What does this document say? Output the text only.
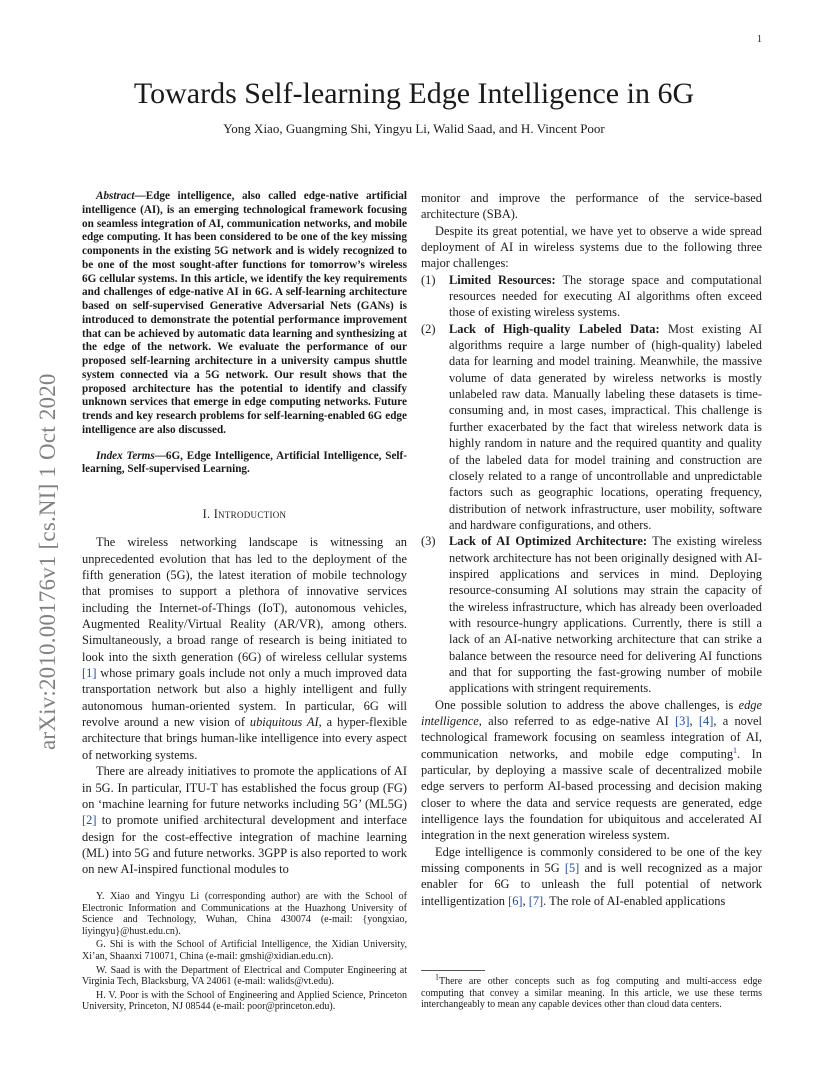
1
arXiv:2010.00176v1 [cs.NI] 1 Oct 2020
Towards Self-learning Edge Intelligence in 6G
Yong Xiao, Guangming Shi, Yingyu Li, Walid Saad, and H. Vincent Poor

Abstract—Edge intelligence, also called edge-native artificial intelligence (AI), is an emerging technological framework focusing on seamless integration of AI, communication networks, and mobile edge computing. It has been considered to be one of the key missing components in the existing 5G network and is widely recognized to be one of the most sought-after functions for tomorrow’s wireless 6G cellular systems. In this article, we identify the key requirements and challenges of edge-native AI in 6G. A self-learning architecture based on self-supervised Generative Adversarial Nets (GANs) is introduced to demonstrate the potential performance improvement that can be achieved by automatic data learning and synthesizing at the edge of the network. We evaluate the performance of our proposed self-learning architecture in a university campus shuttle system connected via a 5G network. Our result shows that the proposed architecture has the potential to identify and classify unknown services that emerge in edge computing networks. Future trends and key research problems for self-learning-enabled 6G edge intelligence are also discussed.

Index Terms—6G, Edge Intelligence, Artificial Intelligence, Self-learning, Self-supervised Learning.

I. Introduction

The wireless networking landscape is witnessing an unprecedented evolution that has led to the deployment of the fifth generation (5G), the latest iteration of mobile technology that promises to support a plethora of innovative services including the Internet-of-Things (IoT), autonomous vehicles, Augmented Reality/Virtual Reality (AR/VR), among others. Simultaneously, a broad range of research is being initiated to look into the sixth generation (6G) of wireless cellular systems [1] whose primary goals include not only a much improved data transportation network but also a highly intelligent and fully autonomous human-oriented system. In particular, 6G will revolve around a new vision of ubiquitous AI, a hyper-flexible architecture that brings human-like intelligence into every aspect of networking systems.

There are already initiatives to promote the applications of AI in 5G. In particular, ITU-T has established the focus group (FG) on ‘machine learning for future networks including 5G’ (ML5G) [2] to promote unified architectural development and interface design for the cost-effective integration of machine learning (ML) into 5G and future networks. 3GPP is also reported to work on new AI-inspired functional modules to

Y. Xiao and Yingyu Li (corresponding author) are with the School of Electronic Information and Communications at the Huazhong University of Science and Technology, Wuhan, China 430074 (e-mail: {yongxiao, liyingyu}@hust.edu.cn).

G. Shi is with the School of Artificial Intelligence, the Xidian University, Xi’an, Shaanxi 710071, China (e-mail: gmshi@xidian.edu.cn).

W. Saad is with the Department of Electrical and Computer Engineering at Virginia Tech, Blacksburg, VA 24061 (e-mail: walids@vt.edu).

H. V. Poor is with the School of Engineering and Applied Science, Princeton University, Princeton, NJ 08544 (e-mail: poor@princeton.edu).

monitor and improve the performance of the service-based architecture (SBA).

Despite its great potential, we have yet to observe a wide spread deployment of AI in wireless systems due to the following three major challenges:

(1)	Limited Resources: The storage space and computational resources needed for executing AI algorithms often exceed those of existing wireless systems.
(2)	Lack of High-quality Labeled Data: Most existing AI algorithms require a large number of (high-quality) labeled data for learning and model training. Meanwhile, the massive volume of data generated by wireless networks is mostly unlabeled raw data. Manually labeling these datasets is time-consuming and, in most cases, impractical. This challenge is further exacerbated by the fact that wireless network data is highly random in nature and the required quantity and quality of the labeled data for model training and construction are closely related to a range of uncontrollable and unpredictable factors such as geographic locations, operating frequency, distribution of network infrastructure, user mobility, software and hardware configurations, and others.
(3)	Lack of AI Optimized Architecture: The existing wireless network architecture has not been originally designed with AI-inspired applications and services in mind. Deploying resource-consuming AI solutions may strain the capacity of the wireless infrastructure, which has already been overloaded with resource-hungry applications. Currently, there is still a lack of an AI-native networking architecture that can strike a balance between the resource need for delivering AI functions and that for supporting the fast-growing number of mobile applications with stringent requirements.

One possible solution to address the above challenges, is edge intelligence, also referred to as edge-native AI [3], [4], a novel technological framework focusing on seamless integration of AI, communication networks, and mobile edge computing$^1$. In particular, by deploying a massive scale of decentralized mobile edge servers to perform AI-based processing and decision making closer to where the data and service requests are generated, edge intelligence lays the foundation for ubiquitous and accelerated AI integration in the next generation wireless system.

Edge intelligence is commonly considered to be one of the key missing components in 5G [5] and is well recognized as a major enabler for 6G to unleash the full potential of network intelligentization [6], [7]. The role of AI-enabled applications

$^1$There are other concepts such as fog computing and multi-access edge computing that convey a similar meaning. In this article, we use these terms interchangeably to mean any capable devices other than cloud data centers.
